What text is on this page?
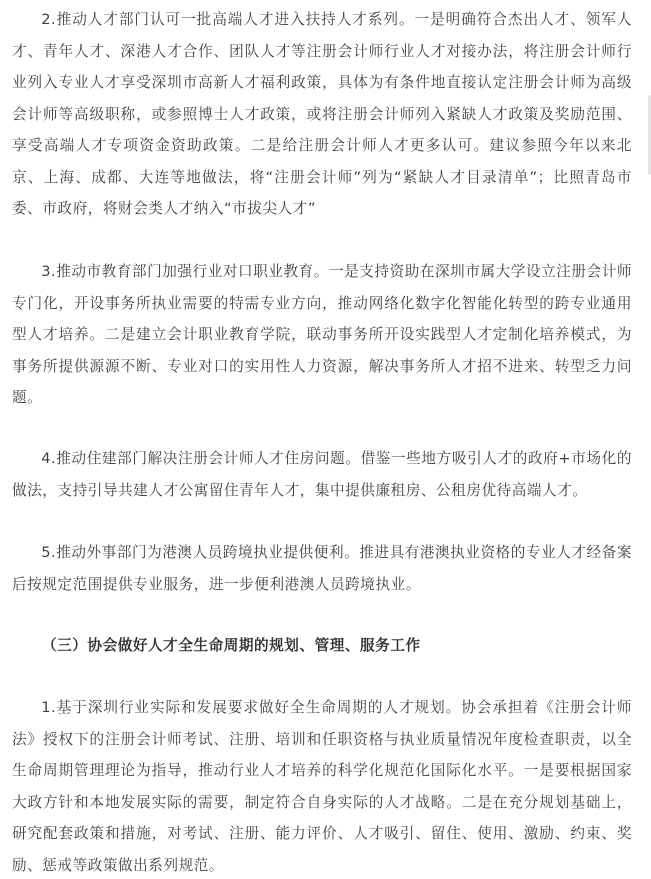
2.推动人才部门认可一批高端人才进入扶持人才系列。一是明确符合杰出人才、领军人才、青年人才、深港人才合作、团队人才等注册会计师行业人才对接办法，将注册会计师行业列入专业人才享受深圳市高新人才福利政策，具体为有条件地直接认定注册会计师为高级会计师等高级职称，或参照博士人才政策，或将注册会计师列入紧缺人才政策及奖励范围、享受高端人才专项资金资助政策。二是给注册会计师人才更多认可。建议参照今年以来北京、上海、成都、大连等地做法，将“注册会计师”列为“紧缺人才目录清单”；比照青岛市委、市政府，将财会类人才纳入“市拔尖人才”

3.推动市教育部门加强行业对口职业教育。一是支持资助在深圳市属大学设立注册会计师专门化，开设事务所执业需要的特需专业方向，推动网络化数字化智能化转型的跨专业通用型人才培养。二是建立会计职业教育学院，联动事务所开设实践型人才定制化培养模式，为事务所提供源源不断、专业对口的实用性人力资源，解决事务所人才招不进来、转型乏力问题。

4.推动住建部门解决注册会计师人才住房问题。借鉴一些地方吸引人才的政府+市场化的做法，支持引导共建人才公寓留住青年人才，集中提供廉租房、公租房优待高端人才。

5.推动外事部门为港澳人员跨境执业提供便利。推进具有港澳执业资格的专业人才经备案后按规定范围提供专业服务，进一步便利港澳人员跨境执业。

（三）协会做好人才全生命周期的规划、管理、服务工作

1.基于深圳行业实际和发展要求做好全生命周期的人才规划。协会承担着《注册会计师法》授权下的注册会计师考试、注册、培训和任职资格与执业质量情况年度检查职责，以全生命周期管理理论为指导，推动行业人才培养的科学化规范化国际化水平。一是要根据国家大政方针和本地发展实际的需要，制定符合自身实际的人才战略。二是在充分规划基础上，研究配套政策和措施，对考试、注册、能力评价、人才吸引、留住、使用、激励、约束、奖励、惩戒等政策做出系列规范。
